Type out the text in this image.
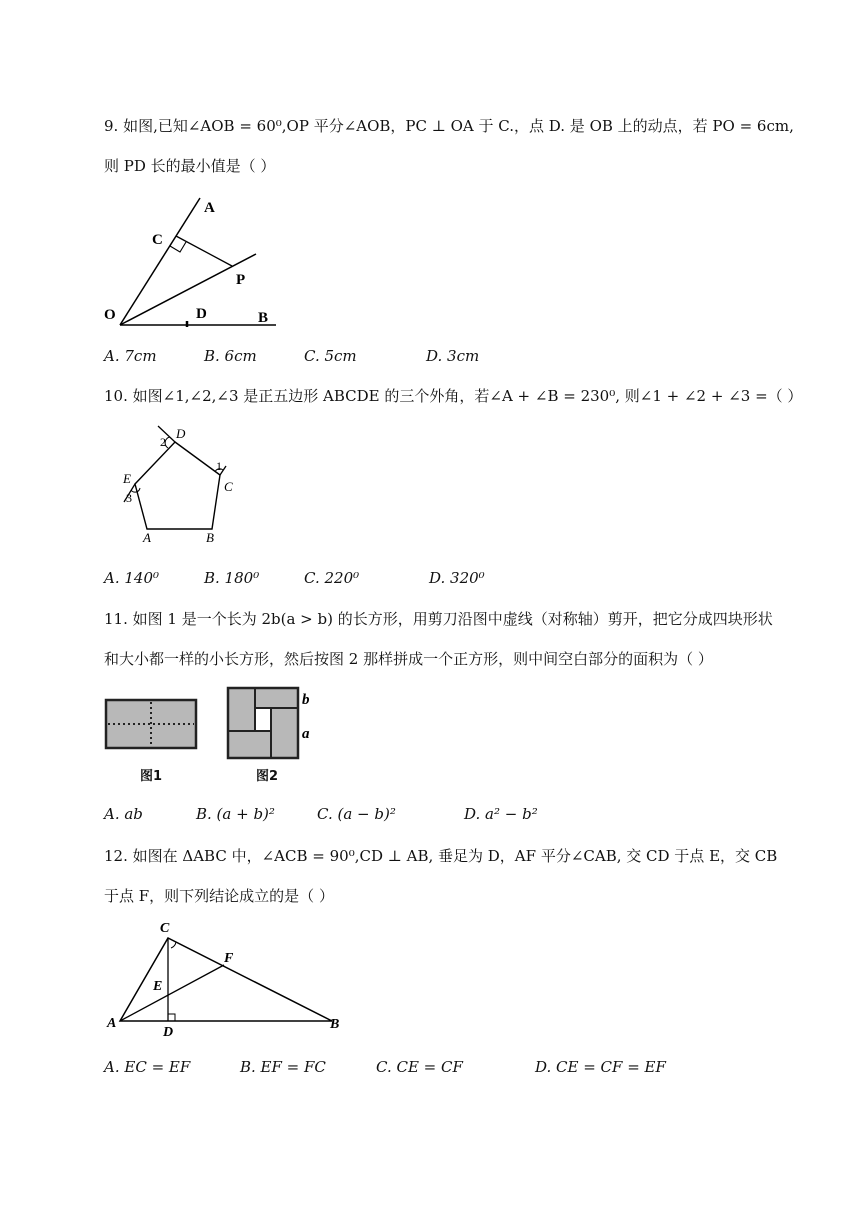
9. 如图,已知∠AOB = 60⁰,OP 平分∠AOB，PC ⊥ OA 于 C.，点 D. 是 OB 上的动点，若 PO = 6cm,
则 PD 长的最小值是（ ）
A
C
P
O	D	B
A. 7cm	B. 6cm	C. 5cm	D. 3cm
10. 如图∠1,∠2,∠3 是正五边形 ABCDE 的三个外角，若∠A + ∠B = 230⁰, 则∠1 + ∠2 + ∠3 =（ ）
D
2
1
E
C
3
A	B
A. 140⁰	B. 180⁰	C. 220⁰	D. 320⁰
11. 如图 1 是一个长为 2b(a > b) 的长方形，用剪刀沿图中虚线（对称轴）剪开，把它分成四块形状
和大小都一样的小长方形，然后按图 2 那样拼成一个正方形，则中间空白部分的面积为（ ）
图1
b
a
图2
A. ab	B. (a + b)²	C. (a − b)²	D. a² − b²
12. 如图在 ΔABC 中，∠ACB = 90⁰,CD ⊥ AB, 垂足为 D，AF 平分∠CAB, 交 CD 于点 E，交 CB
于点 F，则下列结论成立的是（ ）
C
F
E
A
D
B
A. EC = EF	B. EF = FC	C. CE = CF	D. CE = CF = EF
